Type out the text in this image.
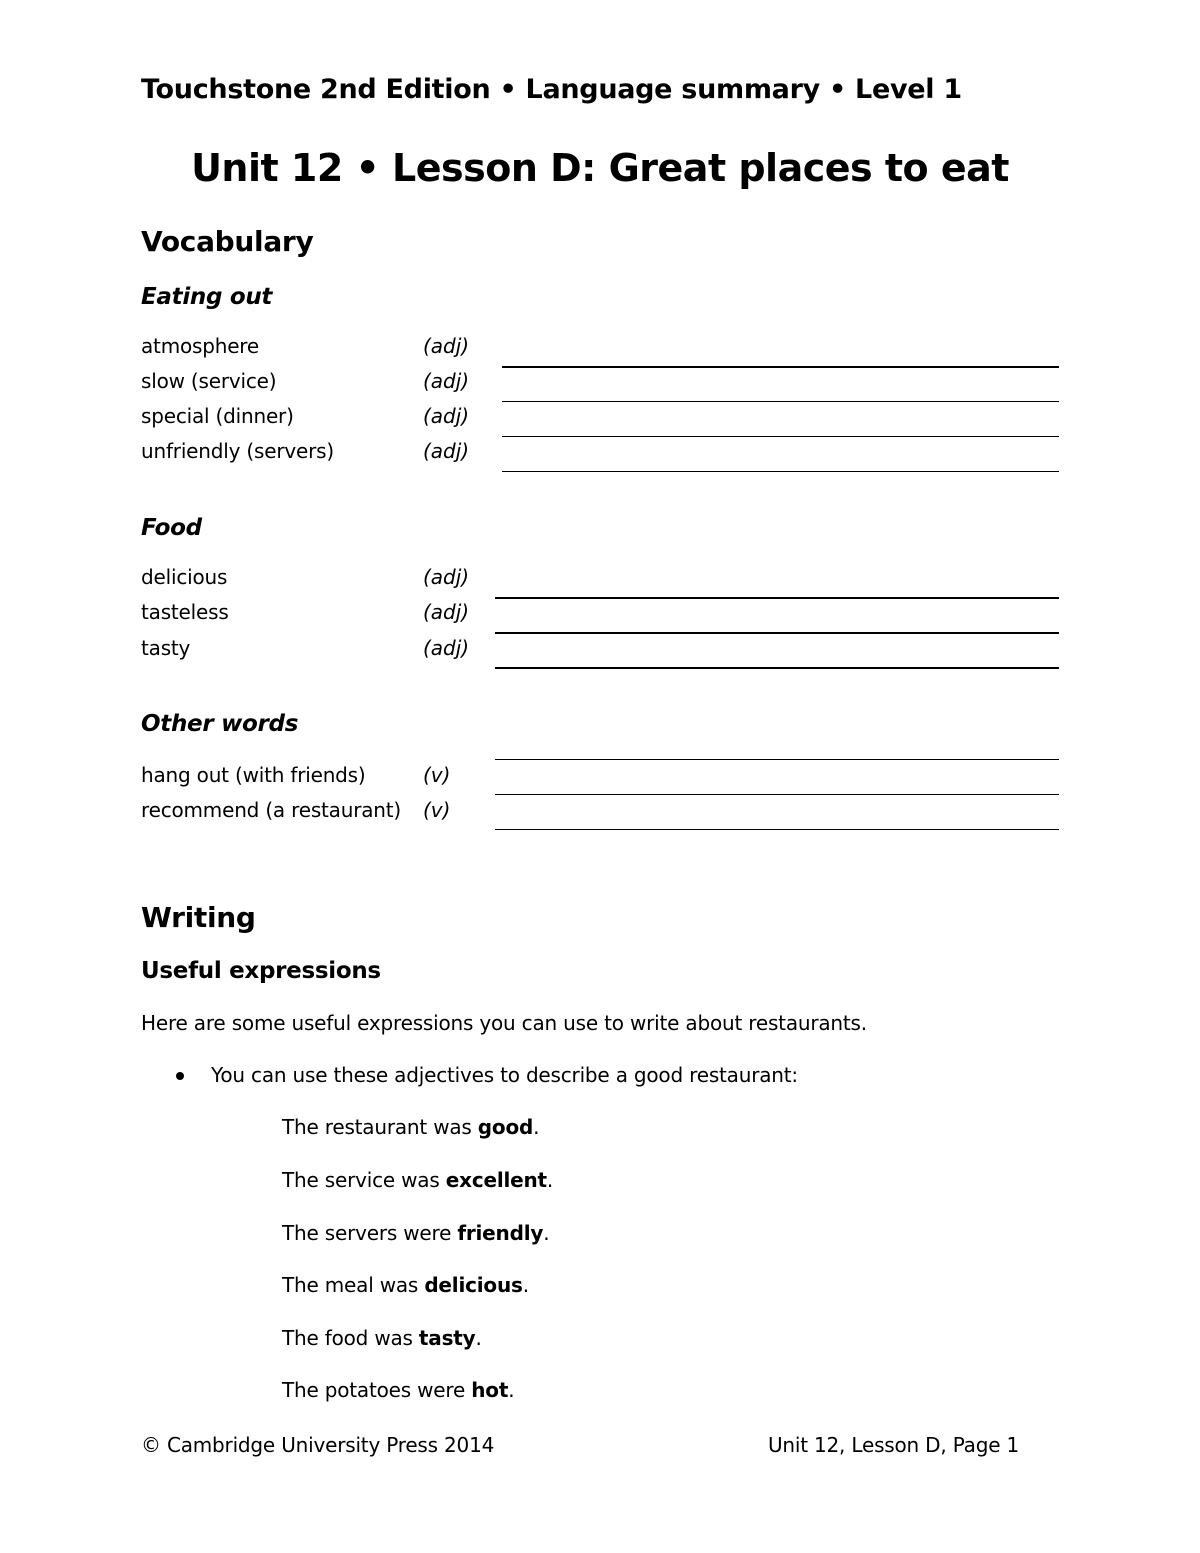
Touchstone 2nd Edition • Language summary • Level 1
Unit 12 • Lesson D: Great places to eat
Vocabulary
Eating out
atmosphere	(adj)
slow (service)	(adj)
special (dinner)	(adj)
unfriendly (servers)	(adj)
Food
delicious	(adj)
tasteless	(adj)
tasty	(adj)
Other words
hang out (with friends)	(v)
recommend (a restaurant) (v)
Writing
Useful expressions
Here are some useful expressions you can use to write about restaurants.
You can use these adjectives to describe a good restaurant:
The restaurant was good.
The service was excellent.
The servers were friendly.
The meal was delicious.
The food was tasty.
The potatoes were hot.
© Cambridge University Press 2014	Unit 12, Lesson D, Page 1
